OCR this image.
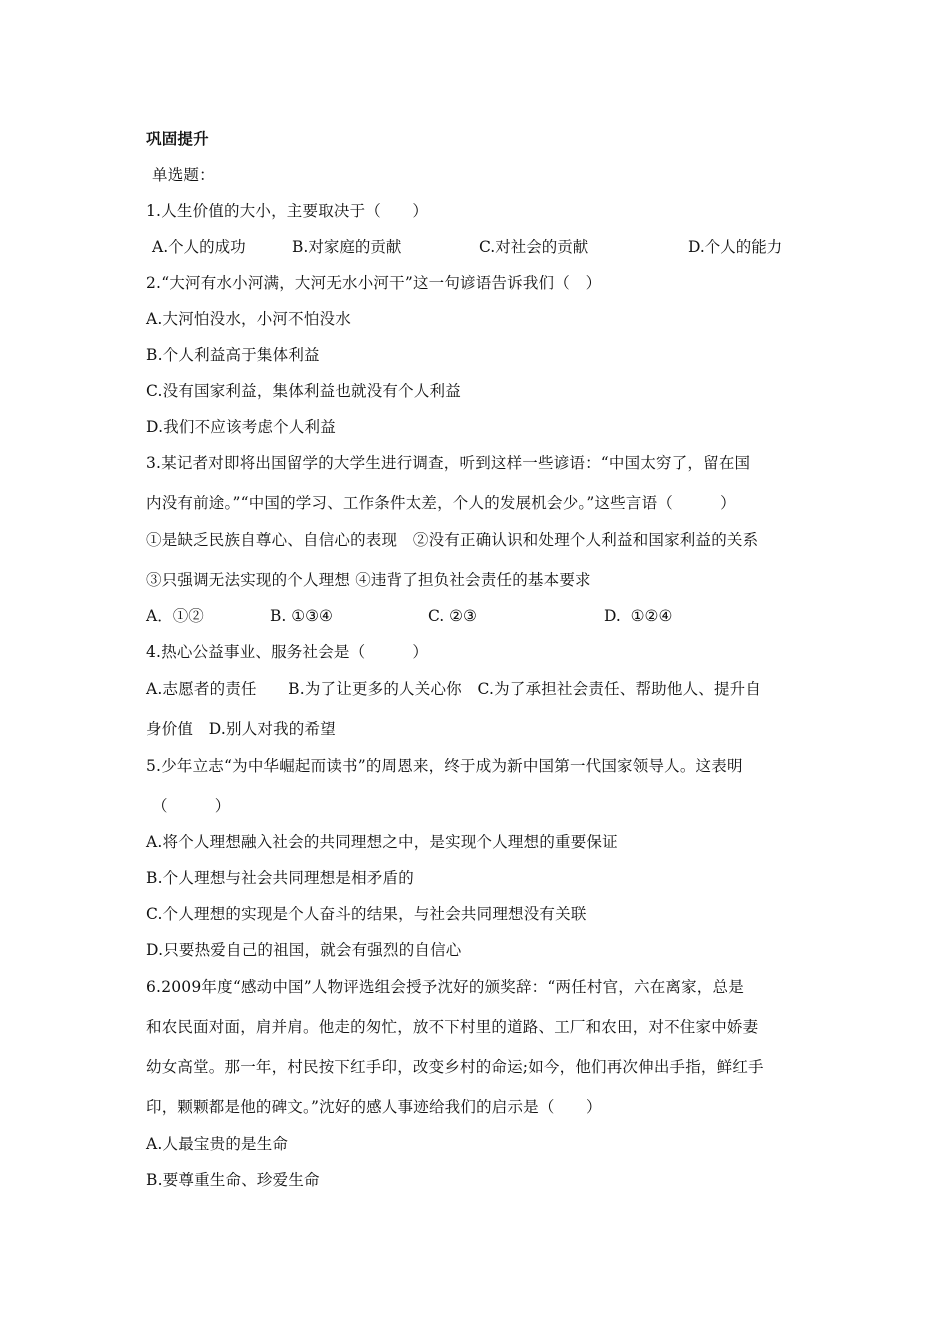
巩固提升
单选题：
1.人生价值的大小，主要取决于（　　）
A.个人的成功	B.对家庭的贡献	C.对社会的贡献	D.个人的能力
2.“大河有水小河满，大河无水小河干”这一句谚语告诉我们（　）
A.大河怕没水，小河不怕没水
B.个人利益高于集体利益
C.没有国家利益，集体利益也就没有个人利益
D.我们不应该考虑个人利益
3.某记者对即将出国留学的大学生进行调查，听到这样一些谚语：“中国太穷了，留在国
内没有前途。”“中国的学习、工作条件太差，个人的发展机会少。”这些言语（　　　）
①是缺乏民族自尊心、自信心的表现　②没有正确认识和处理个人利益和国家利益的关系
③只强调无法实现的个人理想 ④违背了担负社会责任的基本要求
A．①②	B. ①③④	C. ②③	D.  ①②④
4.热心公益事业、服务社会是（　　　）
A.志愿者的责任　　B.为了让更多的人关心你　C.为了承担社会责任、帮助他人、提升自
身价值　D.别人对我的希望
5.少年立志“为中华崛起而读书”的周恩来，终于成为新中国第一代国家领导人。这表明
（　　　）
A.将个人理想融入社会的共同理想之中，是实现个人理想的重要保证
B.个人理想与社会共同理想是相矛盾的
C.个人理想的实现是个人奋斗的结果，与社会共同理想没有关联
D.只要热爱自己的祖国，就会有强烈的自信心
6.2009年度“感动中国”人物评选组会授予沈好的颁奖辞：“两任村官，六在离家，总是
和农民面对面，肩并肩。他走的匆忙，放不下村里的道路、工厂和农田，对不住家中娇妻
幼女高堂。那一年，村民按下红手印，改变乡村的命运;如今，他们再次伸出手指，鲜红手
印，颗颗都是他的碑文。”沈好的感人事迹给我们的启示是（　　）
A.人最宝贵的是生命
B.要尊重生命、珍爱生命
